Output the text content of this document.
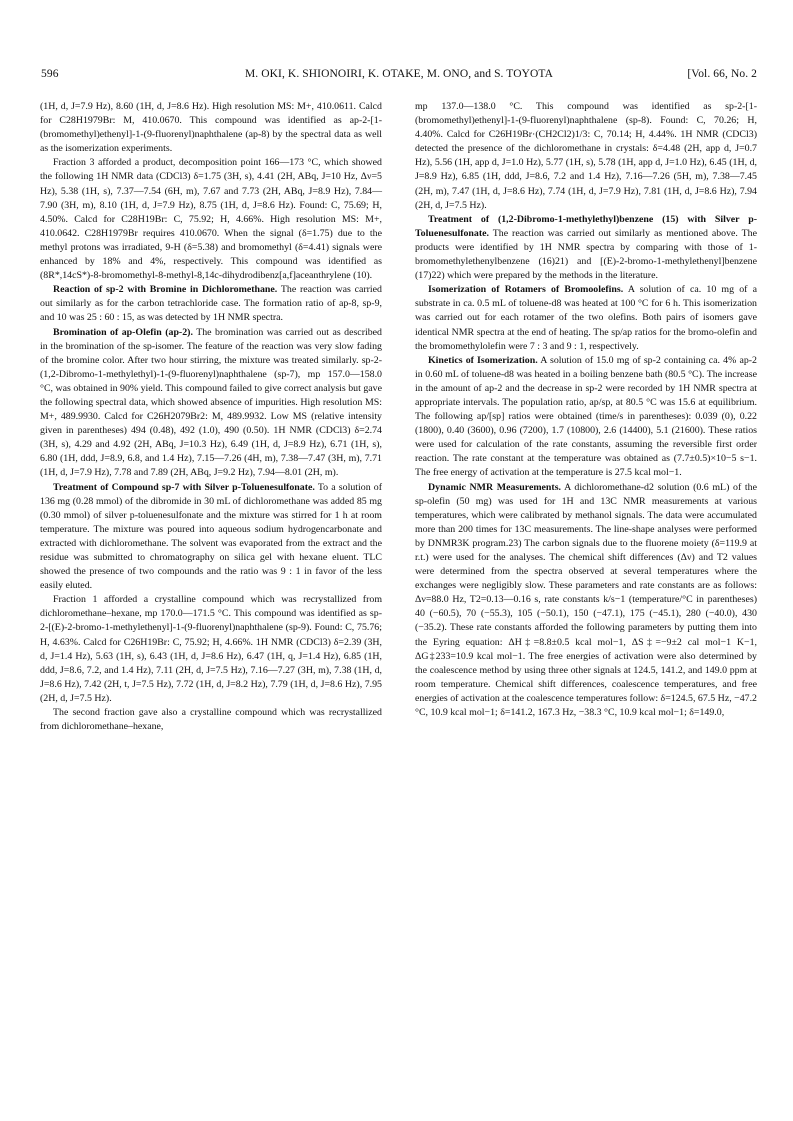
596	M. OKI, K. SHIONOIRI, K. OTAKE, M. ONO, and S. TOYOTA	[Vol. 66, No. 2

(1H, d, J=7.9 Hz), 8.60 (1H, d, J=8.6 Hz). High resolution MS: M+, 410.0611. Calcd for C28H1979Br: M, 410.0670. This compound was identified as ap-2-[1-(bromomethyl)ethenyl]-1-(9-fluorenyl)naphthalene (ap-8) by the spectral data as well as the isomerization experiments.

Fraction 3 afforded a product, decomposition point 166—173 °C, which showed the following 1H NMR data (CDCl3) δ=1.75 (3H, s), 4.41 (2H, ABq, J=10 Hz, Δν=5 Hz), 5.38 (1H, s), 7.37—7.54 (6H, m), 7.67 and 7.73 (2H, ABq, J=8.9 Hz), 7.84—7.90 (3H, m), 8.10 (1H, d, J=7.9 Hz), 8.75 (1H, d, J=8.6 Hz). Found: C, 75.69; H, 4.50%. Calcd for C28H19Br: C, 75.92; H, 4.66%. High resolution MS: M+, 410.0642. C28H1979Br requires 410.0670. When the signal (δ=1.75) due to the methyl protons was irradiated, 9-H (δ=5.38) and bromomethyl (δ=4.41) signals were enhanced by 18% and 4%, respectively. This compound was identified as (8R*,14cS*)-8-bromomethyl-8-methyl-8,14c-dihydrodibenz[a,f]aceanthrylene (10).

Reaction of sp-2 with Bromine in Dichloromethane. The reaction was carried out similarly as for the carbon tetrachloride case. The formation ratio of ap-8, sp-9, and 10 was 25 : 60 : 15, as was detected by 1H NMR spectra.

Bromination of ap-Olefin (ap-2). The bromination was carried out as described in the bromination of the sp-isomer. The feature of the reaction was very slow fading of the bromine color. After two hour stirring, the mixture was treated similarly. sp-2-(1,2-Dibromo-1-methylethyl)-1-(9-fluorenyl)naphthalene (sp-7), mp 157.0—158.0 °C, was obtained in 90% yield. This compound failed to give correct analysis but gave the following spectral data, which showed absence of impurities. High resolution MS: M+, 489.9930. Calcd for C26H2079Br2: M, 489.9932. Low MS (relative intensity given in parentheses) 494 (0.48), 492 (1.0), 490 (0.50). 1H NMR (CDCl3) δ=2.74 (3H, s), 4.29 and 4.92 (2H, ABq, J=10.3 Hz), 6.49 (1H, d, J=8.9 Hz), 6.71 (1H, s), 6.80 (1H, ddd, J=8.9, 6.8, and 1.4 Hz), 7.15—7.26 (4H, m), 7.38—7.47 (3H, m), 7.71 (1H, d, J=7.9 Hz), 7.78 and 7.89 (2H, ABq, J=9.2 Hz), 7.94—8.01 (2H, m).

Treatment of Compound sp-7 with Silver p-Toluenesulfonate. To a solution of 136 mg (0.28 mmol) of the dibromide in 30 mL of dichloromethane was added 85 mg (0.30 mmol) of silver p-toluenesulfonate and the mixture was stirred for 1 h at room temperature. The mixture was poured into aqueous sodium hydrogencarbonate and extracted with dichloromethane. The solvent was evaporated from the extract and the residue was submitted to chromatography on silica gel with hexane eluent. TLC showed the presence of two compounds and the ratio was 9 : 1 in favor of the less easily eluted.

Fraction 1 afforded a crystalline compound which was recrystallized from dichloromethane–hexane, mp 170.0—171.5 °C. This compound was identified as sp-2-[(E)-2-bromo-1-methylethenyl]-1-(9-fluorenyl)naphthalene (sp-9). Found: C, 75.76; H, 4.63%. Calcd for C26H19Br: C, 75.92; H, 4.66%. 1H NMR (CDCl3) δ=2.39 (3H, d, J=1.4 Hz), 5.63 (1H, s), 6.43 (1H, d, J=8.6 Hz), 6.47 (1H, q, J=1.4 Hz), 6.85 (1H, ddd, J=8.6, 7.2, and 1.4 Hz), 7.11 (2H, d, J=7.5 Hz), 7.16—7.27 (3H, m), 7.38 (1H, d, J=8.6 Hz), 7.42 (2H, t, J=7.5 Hz), 7.72 (1H, d, J=8.2 Hz), 7.79 (1H, d, J=8.6 Hz), 7.95 (2H, d, J=7.5 Hz).

The second fraction gave also a crystalline compound which was recrystallized from dichloromethane–hexane,

mp 137.0—138.0 °C. This compound was identified as sp-2-[1-(bromomethyl)ethenyl]-1-(9-fluorenyl)naphthalene (sp-8). Found: C, 70.26; H, 4.40%. Calcd for C26H19Br·(CH2Cl2)1/3: C, 70.14; H, 4.44%. 1H NMR (CDCl3) detected the presence of the dichloromethane in crystals: δ=4.48 (2H, app d, J=0.7 Hz), 5.56 (1H, app d, J=1.0 Hz), 5.77 (1H, s), 5.78 (1H, app d, J=1.0 Hz), 6.45 (1H, d, J=8.9 Hz), 6.85 (1H, ddd, J=8.6, 7.2 and 1.4 Hz), 7.16—7.26 (5H, m), 7.38—7.45 (2H, m), 7.47 (1H, d, J=8.6 Hz), 7.74 (1H, d, J=7.9 Hz), 7.81 (1H, d, J=8.6 Hz), 7.94 (2H, d, J=7.5 Hz).

Treatment of (1,2-Dibromo-1-methylethyl)benzene (15) with Silver p-Toluenesulfonate. The reaction was carried out similarly as mentioned above. The products were identified by 1H NMR spectra by comparing with those of 1-bromomethylethenylbenzene (16)21) and [(E)-2-bromo-1-methylethenyl]benzene (17)22) which were prepared by the methods in the literature.

Isomerization of Rotamers of Bromoolefins. A solution of ca. 10 mg of a substrate in ca. 0.5 mL of toluene-d8 was heated at 100 °C for 6 h. This isomerization was carried out for each rotamer of the two olefins. Both pairs of isomers gave identical NMR spectra at the end of heating. The sp/ap ratios for the bromo-olefin and the bromomethylolefin were 7 : 3 and 9 : 1, respectively.

Kinetics of Isomerization. A solution of 15.0 mg of sp-2 containing ca. 4% ap-2 in 0.60 mL of toluene-d8 was heated in a boiling benzene bath (80.5 °C). The increase in the amount of ap-2 and the decrease in sp-2 were recorded by 1H NMR spectra at appropriate intervals. The population ratio, ap/sp, at 80.5 °C was 15.6 at equilibrium. The following ap/[sp] ratios were obtained (time/s in parentheses): 0.039 (0), 0.22 (1800), 0.40 (3600), 0.96 (7200), 1.7 (10800), 2.6 (14400), 5.1 (21600). These ratios were used for calculation of the rate constants, assuming the reversible first order reaction. The rate constant at the temperature was obtained as (7.7±0.5)×10−5 s−1. The free energy of activation at the temperature is 27.5 kcal mol−1.

Dynamic NMR Measurements. A dichloromethane-d2 solution (0.6 mL) of the sp-olefin (50 mg) was used for 1H and 13C NMR measurements at various temperatures, which were calibrated by methanol signals. The data were accumulated more than 200 times for 13C measurements. The line-shape analyses were performed by DNMR3K program.23) The carbon signals due to the fluorene moiety (δ=119.9 at r.t.) were used for the analyses. The chemical shift differences (Δν) and T2 values were determined from the spectra observed at several temperatures where the exchanges were negligibly slow. These parameters and rate constants are as follows: Δν=88.0 Hz, T2=0.13—0.16 s, rate constants k/s−1 (temperature/°C in parentheses) 40 (−60.5), 70 (−55.3), 105 (−50.1), 150 (−47.1), 175 (−45.1), 280 (−40.0), 430 (−35.2). These rate constants afforded the following parameters by putting them into the Eyring equation: ΔH‡=8.8±0.5 kcal mol−1, ΔS‡=−9±2 cal mol−1 K−1, ΔG‡233=10.9 kcal mol−1. The free energies of activation were also determined by the coalescence method by using three other signals at 124.5, 141.2, and 149.0 ppm at room temperature. Chemical shift differences, coalescence temperatures, and free energies of activation at the coalescence temperatures follow: δ=124.5, 67.5 Hz, −47.2 °C, 10.9 kcal mol−1; δ=141.2, 167.3 Hz, −38.3 °C, 10.9 kcal mol−1; δ=149.0,
